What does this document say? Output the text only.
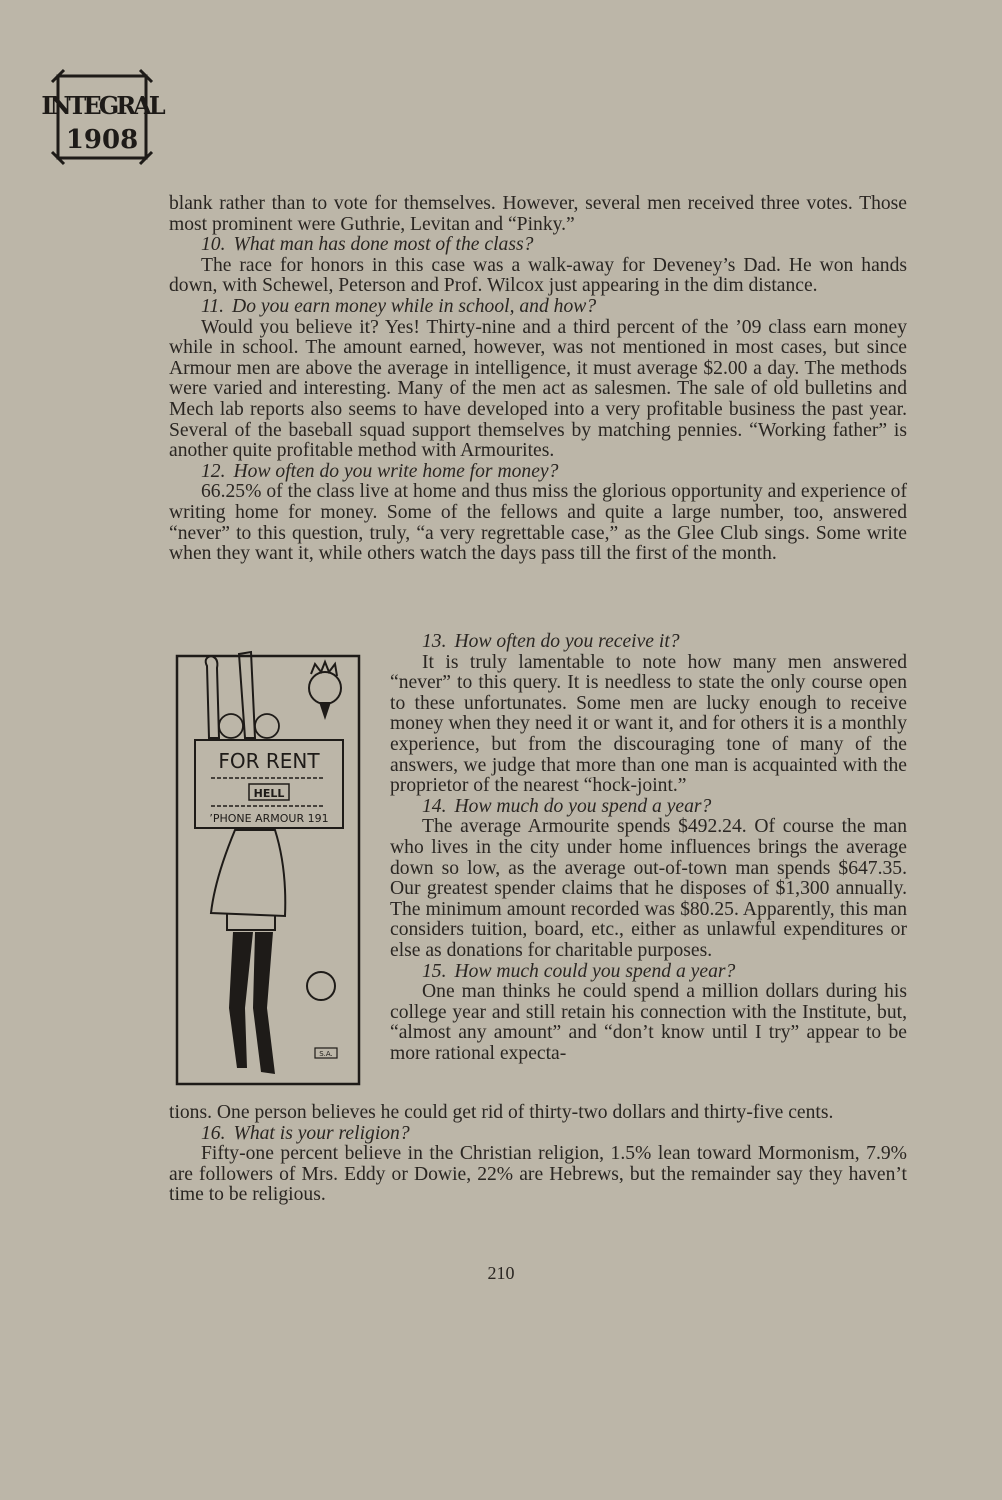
INTEGRAL
1908

blank rather than to vote for themselves. However, several men received three votes. Those most prominent were Guthrie, Levitan and “Pinky.”

10. What man has done most of the class?

The race for honors in this case was a walk-away for Deveney’s Dad. He won hands down, with Schewel, Peterson and Prof. Wilcox just appearing in the dim distance.

11. Do you earn money while in school, and how?

Would you believe it? Yes! Thirty-nine and a third percent of the ’09 class earn money while in school. The amount earned, however, was not mentioned in most cases, but since Armour men are above the average in intelligence, it must average $2.00 a day. The methods were varied and interesting. Many of the men act as salesmen. The sale of old bulletins and Mech lab reports also seems to have developed into a very profitable business the past year. Several of the baseball squad support themselves by matching pennies. “Working father” is another quite profitable method with Armourites.

12. How often do you write home for money?

66.25% of the class live at home and thus miss the glorious opportunity and experience of writing home for money. Some of the fellows and quite a large number, too, answered “never” to this question, truly, “a very regrettable case,” as the Glee Club sings. Some write when they want it, while others watch the days pass till the first of the month.

FOR RENT
HELL
’PHONE ARMOUR 191
S.A.

13. How often do you receive it?

It is truly lamentable to note how many men answered “never” to this query. It is needless to state the only course open to these unfortunates. Some men are lucky enough to receive money when they need it or want it, and for others it is a monthly experience, but from the discouraging tone of many of the answers, we judge that more than one man is acquainted with the proprietor of the nearest “hock-joint.”

14. How much do you spend a year?

The average Armourite spends $492.24. Of course the man who lives in the city under home influences brings the average down so low, as the average out-of-town man spends $647.35. Our greatest spender claims that he disposes of $1,300 annually. The minimum amount recorded was $80.25. Apparently, this man considers tuition, board, etc., either as unlawful expenditures or else as donations for charitable purposes.

15. How much could you spend a year?

One man thinks he could spend a million dollars during his college year and still retain his connection with the Institute, but, “almost any amount” and “don’t know until I try” appear to be more rational expecta-

tions. One person believes he could get rid of thirty-two dollars and thirty-five cents.

16. What is your religion?

Fifty-one percent believe in the Christian religion, 1.5% lean toward Mormonism, 7.9% are followers of Mrs. Eddy or Dowie, 22% are Hebrews, but the remainder say they haven’t time to be religious.

210
